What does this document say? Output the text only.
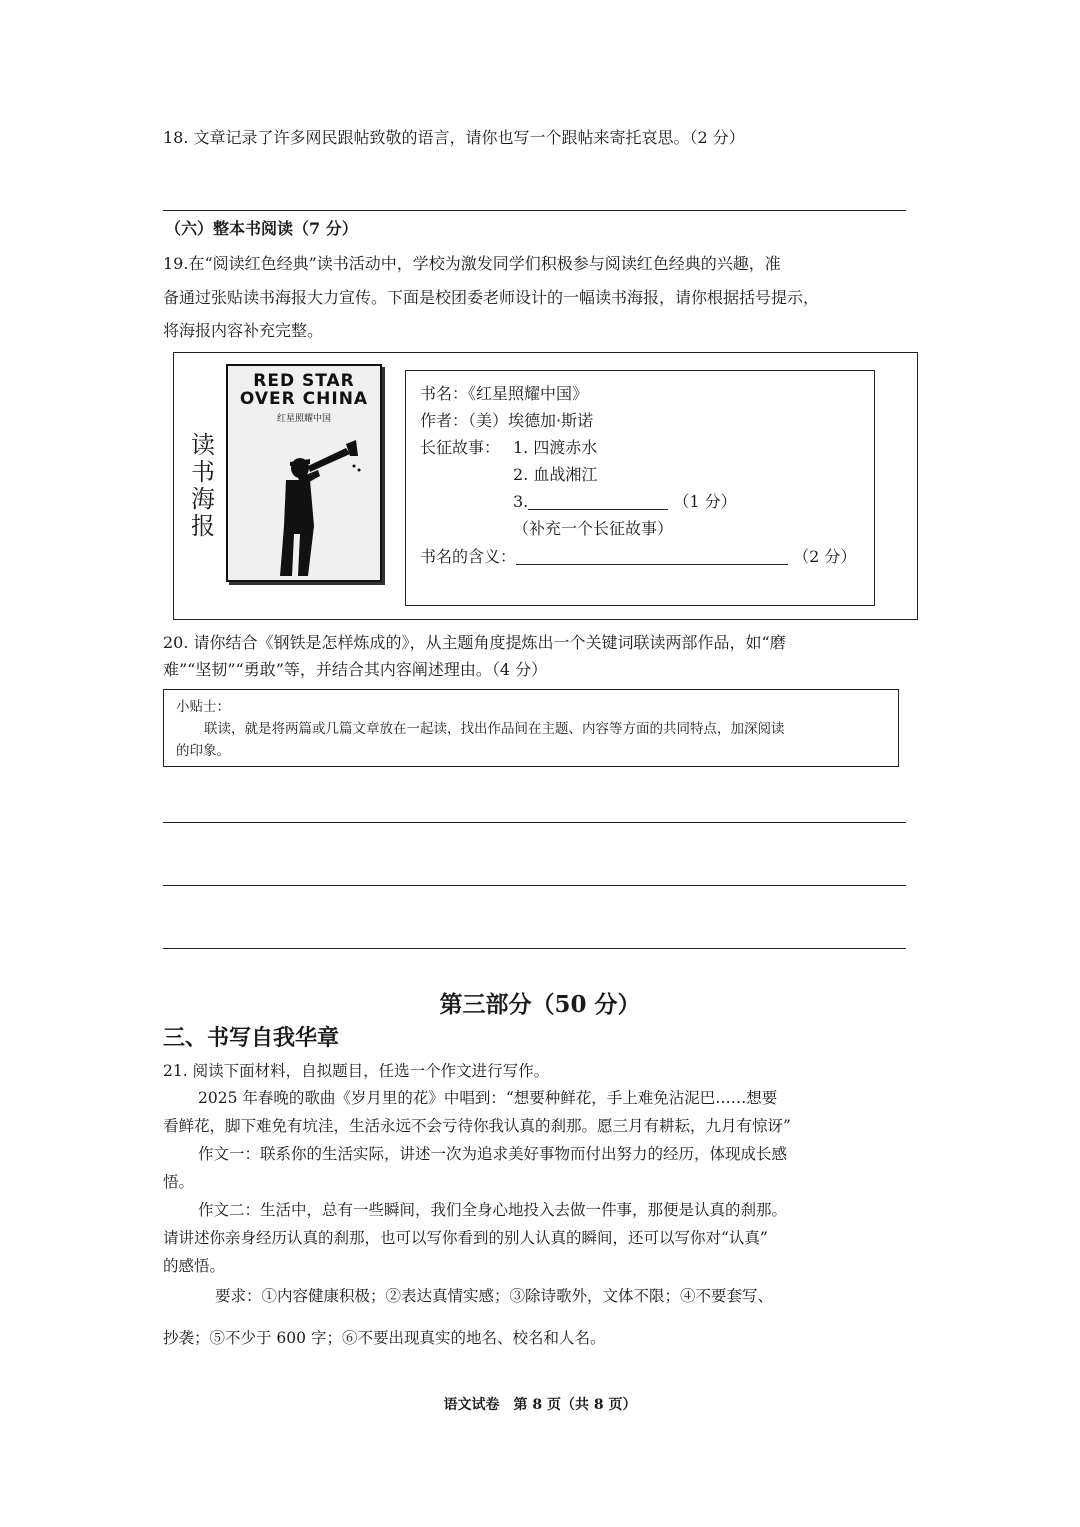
18. 文章记录了许多网民跟帖致敬的语言，请你也写一个跟帖来寄托哀思。（2 分）
（六）整本书阅读（7 分）
19.在“阅读红色经典”读书活动中，学校为激发同学们积极参与阅读红色经典的兴趣，准
备通过张贴读书海报大力宣传。下面是校团委老师设计的一幅读书海报，请你根据括号提示，
将海报内容补充完整。
读书海报
RED STAR
OVER CHINA
红星照耀中国
书名：《红星照耀中国》
作者：（美）埃德加·斯诺
长征故事： 1. 四渡赤水
2. 血战湘江
3.	（1 分）
（补充一个长征故事）
书名的含义：	（2 分）
20. 请你结合《钢铁是怎样炼成的》，从主题角度提炼出一个关键词联读两部作品，如“磨
难”“坚韧”“勇敢”等，并结合其内容阐述理由。（4 分）
小贴士：
联读，就是将两篇或几篇文章放在一起读，找出作品间在主题、内容等方面的共同特点，加深阅读
的印象。
第三部分（50 分）
三、书写自我华章
21. 阅读下面材料，自拟题目，任选一个作文进行写作。
2025 年春晚的歌曲《岁月里的花》中唱到：“想要种鲜花，手上难免沾泥巴……想要
看鲜花，脚下难免有坑洼，生活永远不会亏待你我认真的刹那。愿三月有耕耘，九月有惊讶”
作文一：联系你的生活实际，讲述一次为追求美好事物而付出努力的经历，体现成长感
悟。
作文二：生活中，总有一些瞬间，我们全身心地投入去做一件事，那便是认真的刹那。
请讲述你亲身经历认真的刹那，也可以写你看到的别人认真的瞬间，还可以写你对“认真”
的感悟。
要求：①内容健康积极；②表达真情实感；③除诗歌外，文体不限；④不要套写、
抄袭；⑤不少于 600 字；⑥不要出现真实的地名、校名和人名。
语文试卷　第 8 页（共 8 页）
